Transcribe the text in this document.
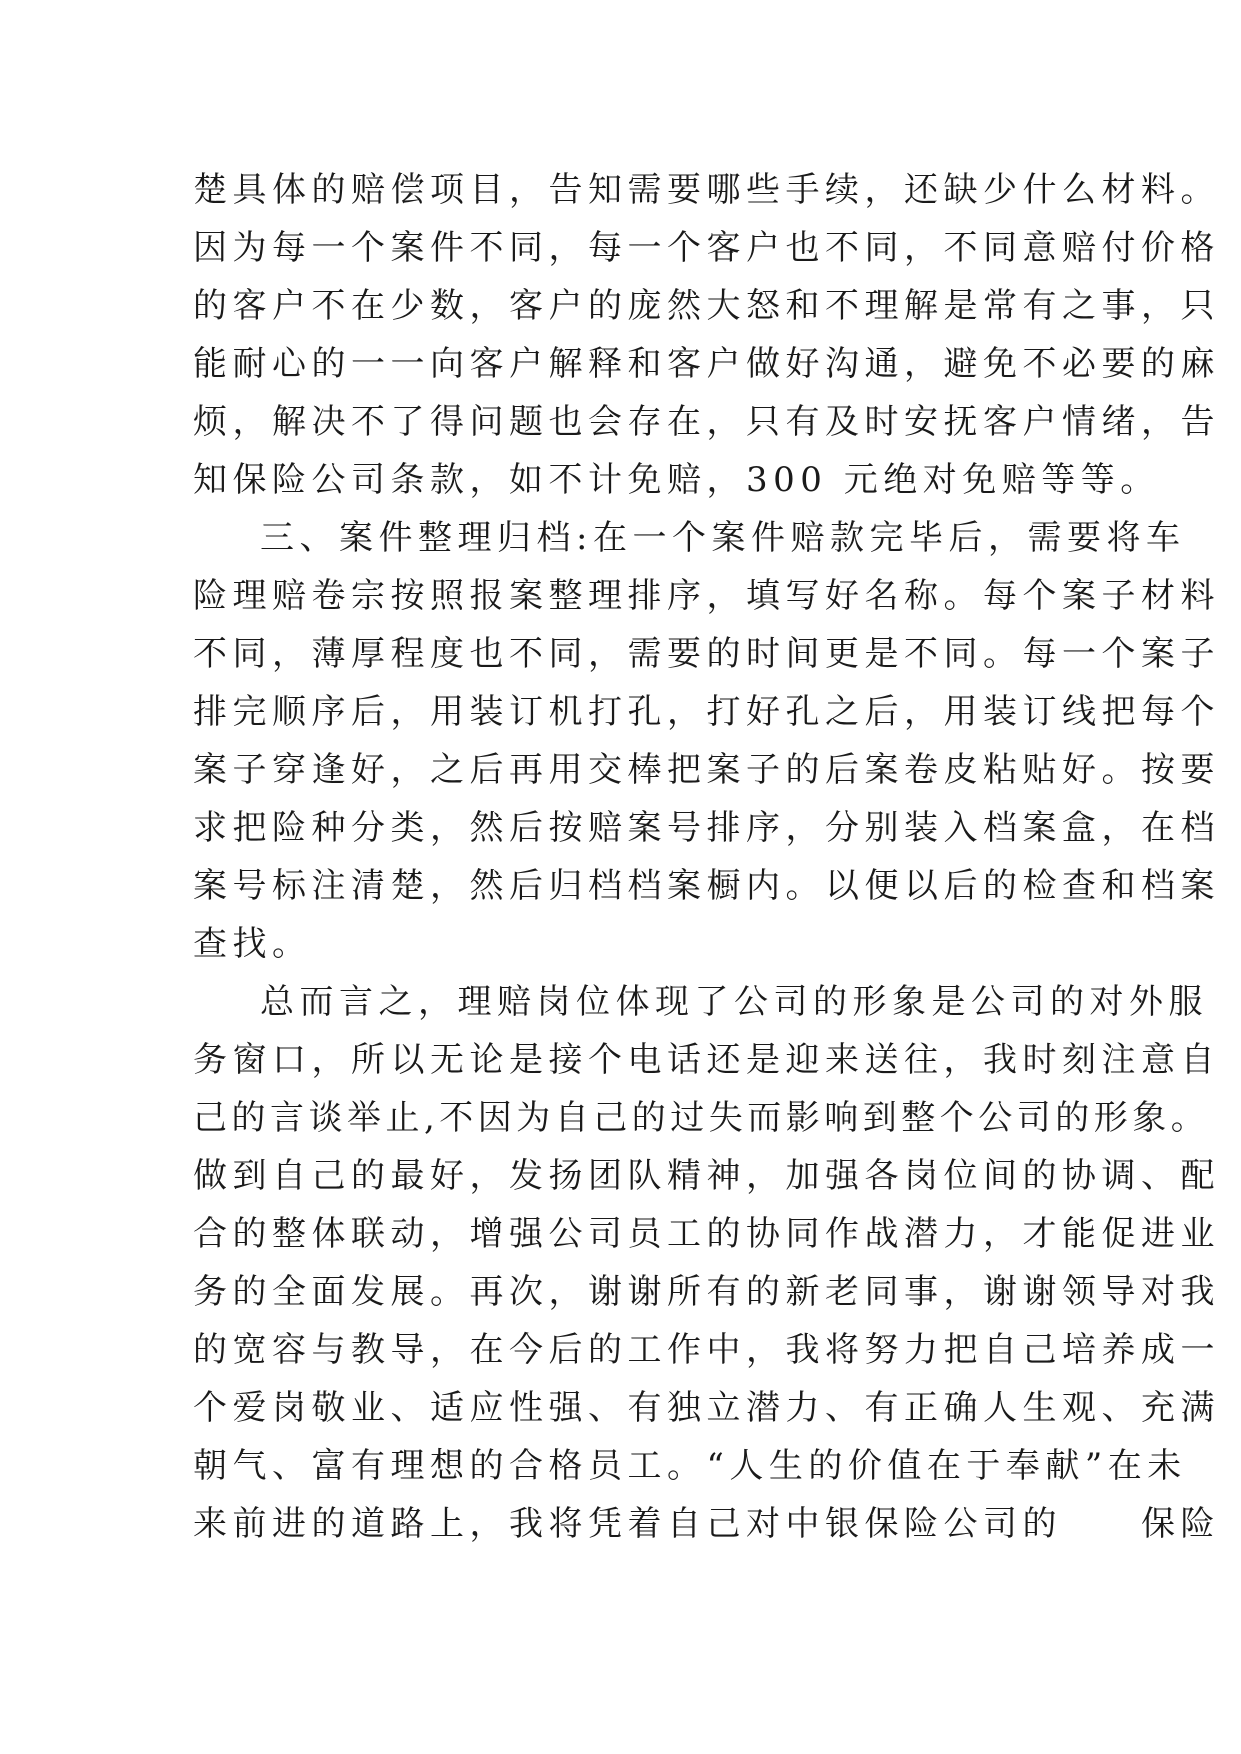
楚具体的赔偿项目，告知需要哪些手续，还缺少什么材料。
因为每一个案件不同，每一个客户也不同，不同意赔付价格
的客户不在少数，客户的庞然大怒和不理解是常有之事，只
能耐心的一一向客户解释和客户做好沟通，避免不必要的麻
烦，解决不了得问题也会存在，只有及时安抚客户情绪，告
知保险公司条款，如不计免赔，300 元绝对免赔等等。
三、案件整理归档:在一个案件赔款完毕后，需要将车
险理赔卷宗按照报案整理排序，填写好名称。每个案子材料
不同，薄厚程度也不同，需要的时间更是不同。每一个案子
排完顺序后，用装订机打孔，打好孔之后，用装订线把每个
案子穿逢好，之后再用交棒把案子的后案卷皮粘贴好。按要
求把险种分类，然后按赔案号排序，分别装入档案盒，在档
案号标注清楚，然后归档档案橱内。以便以后的检查和档案
查找。
总而言之，理赔岗位体现了公司的形象是公司的对外服
务窗口，所以无论是接个电话还是迎来送往，我时刻注意自
己的言谈举止,不因为自己的过失而影响到整个公司的形象。
做到自己的最好，发扬团队精神，加强各岗位间的协调、配
合的整体联动，增强公司员工的协同作战潜力，才能促进业
务的全面发展。再次，谢谢所有的新老同事，谢谢领导对我
的宽容与教导，在今后的工作中，我将努力把自己培养成一
个爱岗敬业、适应性强、有独立潜力、有正确人生观、充满
朝气、富有理想的合格员工。“人生的价值在于奉献”在未
来前进的道路上，我将凭着自己对中银保险公司的　　保险
